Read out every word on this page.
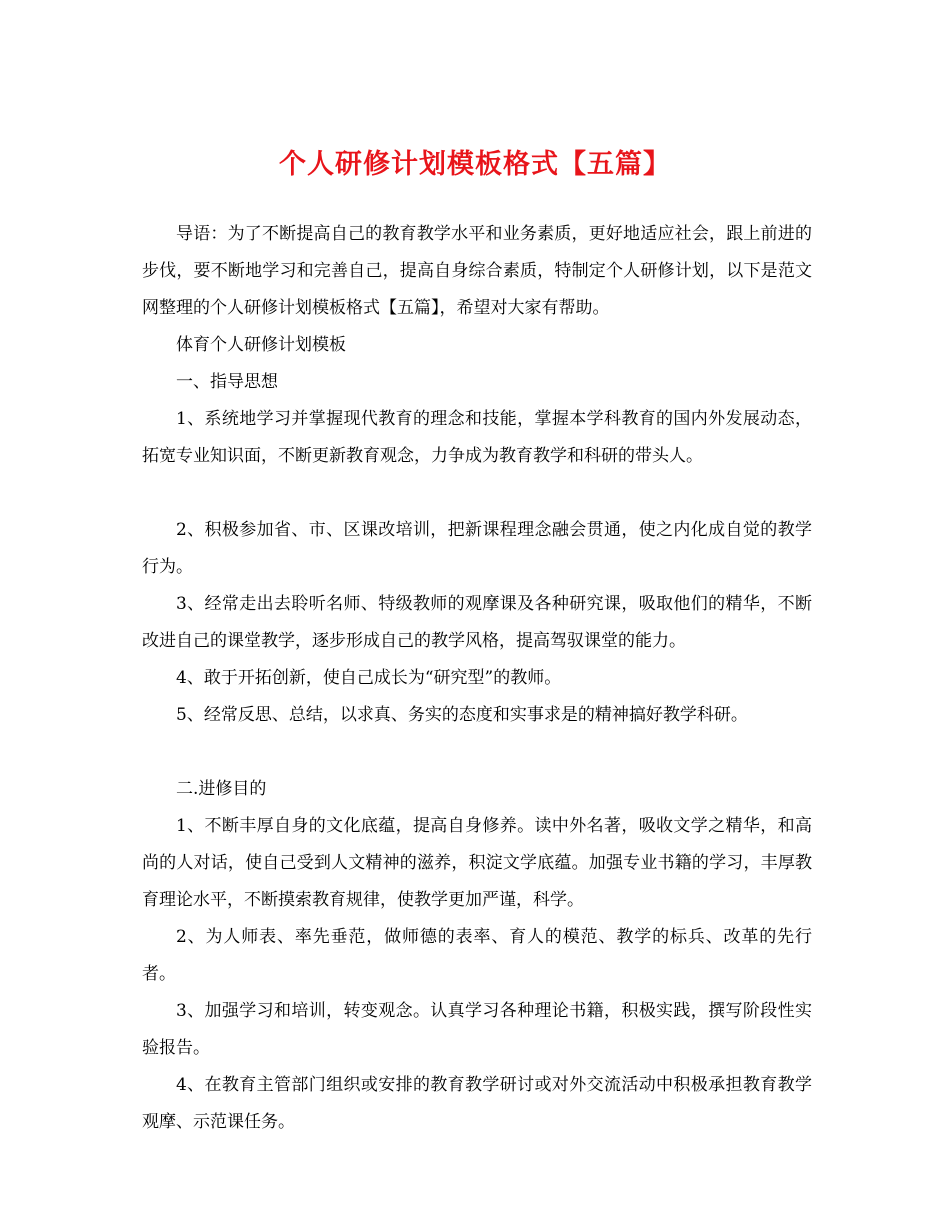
个人研修计划模板格式【五篇】

导语：为了不断提高自己的教育教学水平和业务素质，更好地适应社会，跟上前进的步伐，要不断地学习和完善自己，提高自身综合素质，特制定个人研修计划，以下是范文网整理的个人研修计划模板格式【五篇】，希望对大家有帮助。

体育个人研修计划模板

一、指导思想

1、系统地学习并掌握现代教育的理念和技能，掌握本学科教育的国内外发展动态，拓宽专业知识面，不断更新教育观念，力争成为教育教学和科研的带头人。

2、积极参加省、市、区课改培训，把新课程理念融会贯通，使之内化成自觉的教学行为。

3、经常走出去聆听名师、特级教师的观摩课及各种研究课，吸取他们的精华，不断改进自己的课堂教学，逐步形成自己的教学风格，提高驾驭课堂的能力。

4、敢于开拓创新，使自己成长为“研究型”的教师。

5、经常反思、总结，以求真、务实的态度和实事求是的精神搞好教学科研。

二.进修目的

1、不断丰厚自身的文化底蕴，提高自身修养。读中外名著，吸收文学之精华，和高尚的人对话，使自己受到人文精神的滋养，积淀文学底蕴。加强专业书籍的学习，丰厚教育理论水平，不断摸索教育规律，使教学更加严谨，科学。

2、为人师表、率先垂范，做师德的表率、育人的模范、教学的标兵、改革的先行者。

3、加强学习和培训，转变观念。认真学习各种理论书籍，积极实践，撰写阶段性实验报告。

4、在教育主管部门组织或安排的教育教学研讨或对外交流活动中积极承担教育教学观摩、示范课任务。
